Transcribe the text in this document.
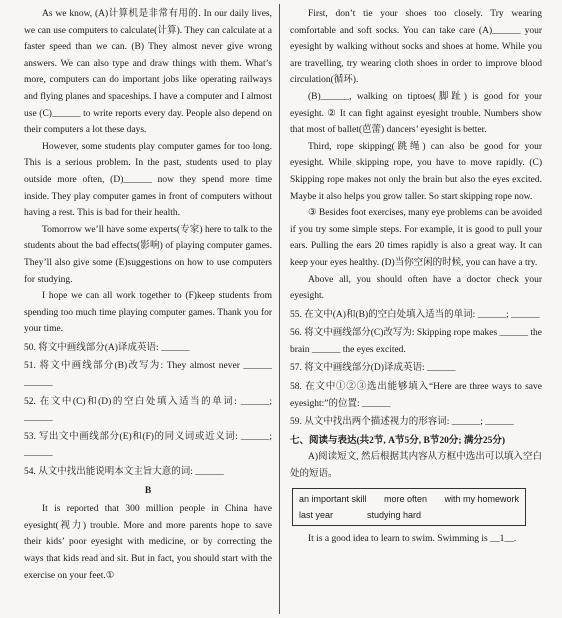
As we know, (A)计算机是非常有用的. In our daily lives, we can use computers to calculate(计算). They can calculate at a faster speed than we can. (B) They almost never give wrong answers. We can also type and draw things with them. What’s more, computers can do important jobs like operating railways and flying planes and spaceships. I have a computer and I almost use (C)______ to write reports every day. People also depend on their computers a lot these days.

However, some students play computer games for too long. This is a serious problem. In the past, students used to play outside more often, (D)______ now they spend more time inside. They play computer games in front of computers without having a rest. This is bad for their health.

Tomorrow we’ll have some experts(专家) here to talk to the students about the bad effects(影响) of playing computer games. They’ll also give some (E)suggestions on how to use computers for studying.

I hope we can all work together to (F)keep students from spending too much time playing computer games. Thank you for your time.

50. 将文中画线部分(A)译成英语: ______

51. 将文中画线部分(B)改写为: They almost never ______ ______

52. 在文中(C)和(D)的空白处填入适当的单词: ______; ______

53. 写出文中画线部分(E)和(F)的同义词或近义词: ______; ______

54. 从文中找出能说明本文主旨大意的词: ______

B

It is reported that 300 million people in China have eyesight(视力) trouble. More and more parents hope to save their kids’ poor eyesight with medicine, or by correcting the ways that kids read and sit. But in fact, you should start with the exercise on your feet.①

First, don’t tie your shoes too closely. Try wearing comfortable and soft socks. You can take care (A)______ your eyesight by walking without socks and shoes at home. While you are travelling, try wearing cloth shoes in order to improve blood circulation(循环).

(B)______, walking on tiptoes(脚趾) is good for your eyesight. ② It can fight against eyesight trouble. Numbers show that most of ballet(芭蕾) dancers’ eyesight is better.

Third, rope skipping(跳绳) can also be good for your eyesight. While skipping rope, you have to move rapidly. (C) Skipping rope makes not only the brain but also the eyes excited. Maybe it also helps you grow taller. So start skipping rope now.

③ Besides foot exercises, many eye problems can be avoided if you try some simple steps. For example, it is good to pull your ears. Pulling the ears 20 times rapidly is also a great way. It can keep your eyes healthy. (D)当你空闲的时候, you can have a try.

Above all, you should often have a doctor check your eyesight.

55. 在文中(A)和(B)的空白处填入适当的单词: ______; ______

56. 将文中画线部分(C)改写为: Skipping rope makes ______ the brain ______ the eyes excited.

57. 将文中画线部分(D)译成英语: ______

58. 在文中①②③选出能够填入“Here are three ways to save eyesight:”的位置: ______

59. 从文中找出两个描述视力的形容词: ______; ______

七、阅读与表达(共2节, A节5分, B节20分; 满分25分)

A)阅读短文, 然后根据其内容从方框中选出可以填入空白处的短语。

an important skill more often with my homework
last year	studying hard

It is a good idea to learn to swim. Swimming is __1__.
